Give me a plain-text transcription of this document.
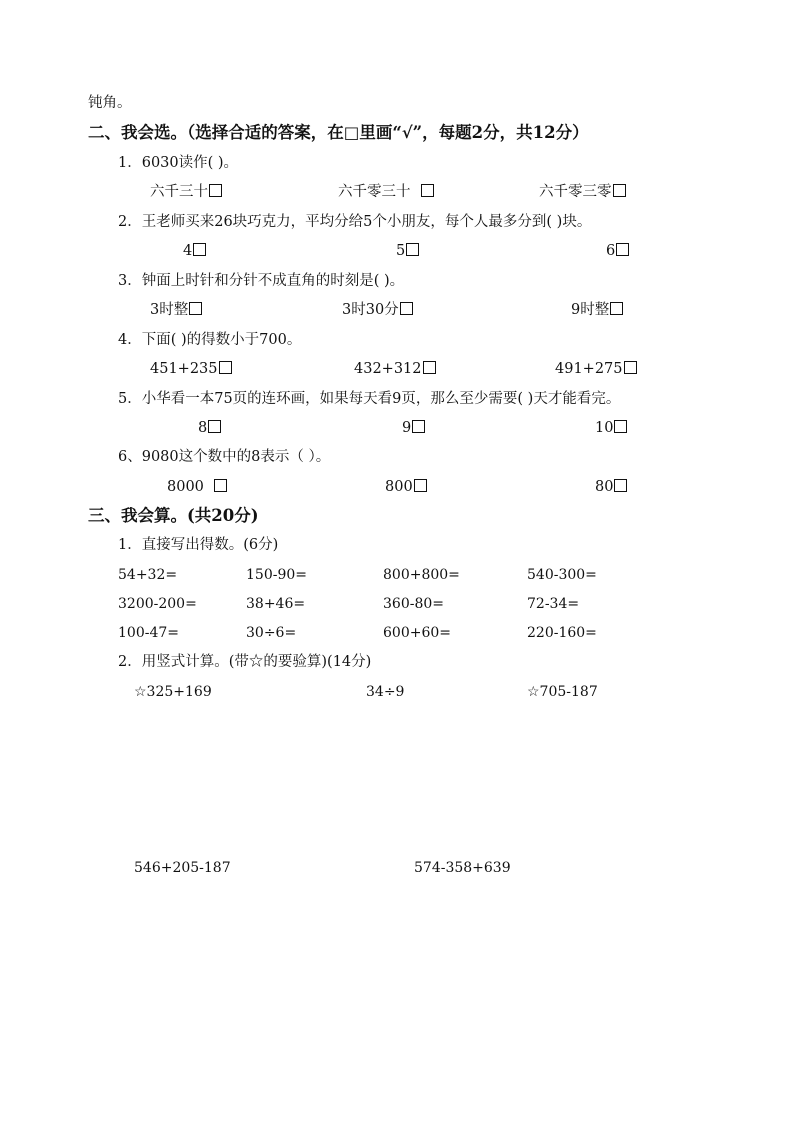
钝角。
二、我会选。（选择合适的答案，在□里画“√”，每题2分，共12分）
1．6030读作( )。
六千三十	六千零三十	六千零三零
2．王老师买来26块巧克力，平均分给5个小朋友，每个人最多分到( )块。
4	5	6
3．钟面上时针和分针不成直角的时刻是( )。
3时整	3时30分	9时整
4．下面( )的得数小于700。
451+235	432+312	491+275
5．小华看一本75页的连环画，如果每天看9页，那么至少需要( )天才能看完。
8	9	10
6、9080这个数中的8表示（ ）。
8000	800	80
三、我会算。(共20分)
1．直接写出得数。(6分)
54+32=	150-90=	800+800=	540-300=
3200-200=	38+46=	360-80=	72-34=
100-47=	30÷6=	600+60=	220-160=
2．用竖式计算。(带☆的要验算)(14分)
☆325+169	34÷9	☆705-187
546+205-187	574-358+639
